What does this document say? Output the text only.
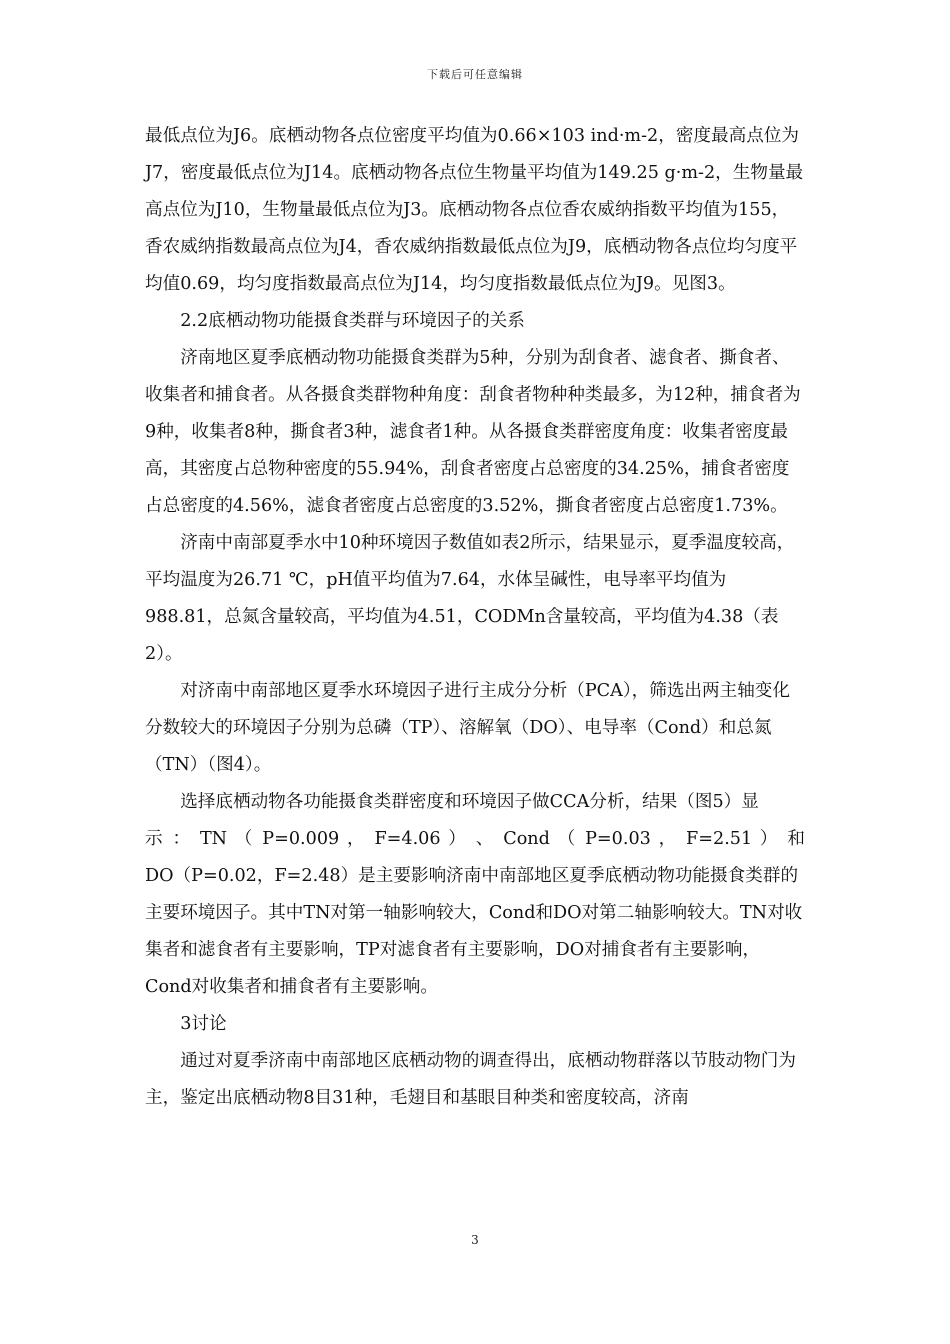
下载后可任意编辑

最低点位为J6。底栖动物各点位密度平均值为0.66×103 ind·m-2，密度最高点位为J7，密度最低点位为J14。底栖动物各点位生物量平均值为149.25 g·m-2，生物量最高点位为J10，生物量最低点位为J3。底栖动物各点位香农威纳指数平均值为155，香农威纳指数最高点位为J4，香农威纳指数最低点位为J9，底栖动物各点位均匀度平均值0.69，均匀度指数最高点位为J14，均匀度指数最低点位为J9。见图3。

2.2底栖动物功能摄食类群与环境因子的关系

济南地区夏季底栖动物功能摄食类群为5种，分别为刮食者、滤食者、撕食者、收集者和捕食者。从各摄食类群物种角度：刮食者物种种类最多，为12种，捕食者为9种，收集者8种，撕食者3种，滤食者1种。从各摄食类群密度角度：收集者密度最高，其密度占总物种密度的55.94%，刮食者密度占总密度的34.25%，捕食者密度占总密度的4.56%，滤食者密度占总密度的3.52%，撕食者密度占总密度1.73%。

济南中南部夏季水中10种环境因子数值如表2所示，结果显示，夏季温度较高，平均温度为26.71 ℃，pH值平均值为7.64，水体呈碱性，电导率平均值为988.81，总氮含量较高，平均值为4.51，CODMn含量较高，平均值为4.38（表2）。

对济南中南部地区夏季水环境因子进行主成分分析（PCA），筛选出两主轴变化分数较大的环境因子分别为总磷（TP）、溶解氧（DO）、电导率（Cond）和总氮（TN）（图4）。

选择底栖动物各功能摄食类群密度和环境因子做CCA分析，结果（图5）显

示 ： TN （ P=0.009 ， F=4.06 ） 、 Cond （ P=0.03 ， F=2.51 ） 和

DO（P=0.02，F=2.48）是主要影响济南中南部地区夏季底栖动物功能摄食类群的主要环境因子。其中TN对第一轴影响较大，Cond和DO对第二轴影响较大。TN对收集者和滤食者有主要影响，TP对滤食者有主要影响，DO对捕食者有主要影响，Cond对收集者和捕食者有主要影响。

3讨论

通过对夏季济南中南部地区底栖动物的调查得出，底栖动物群落以节肢动物门为主，鉴定出底栖动物8目31种，毛翅目和基眼目种类和密度较高，济南

3
